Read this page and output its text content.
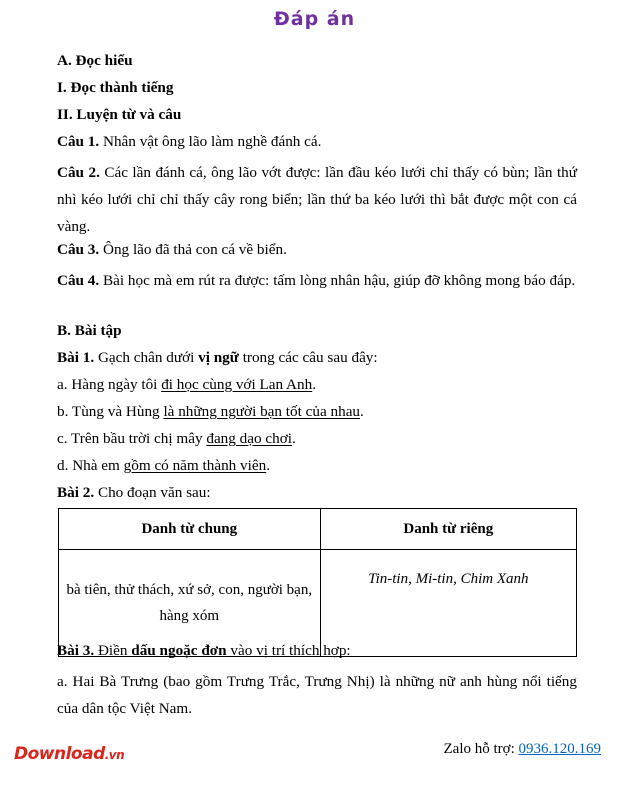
Đáp án
A. Đọc hiểu
I. Đọc thành tiếng
II. Luyện từ và câu
Câu 1. Nhân vật ông lão làm nghề đánh cá.
Câu 2. Các lần đánh cá, ông lão vớt được: lần đầu kéo lưới chỉ thấy có bùn; lần thứ nhì kéo lưới chỉ chỉ thấy cây rong biển; lần thứ ba kéo lưới thì bắt được một con cá vàng.
Câu 3. Ông lão đã thả con cá về biển.
Câu 4. Bài học mà em rút ra được: tấm lòng nhân hậu, giúp đỡ không mong báo đáp.
B. Bài tập
Bài 1. Gạch chân dưới vị ngữ trong các câu sau đây:
a. Hàng ngày tôi đi học cùng với Lan Anh.
b. Tùng và Hùng là những người bạn tốt của nhau.
c. Trên bầu trời chị mây đang dạo chơi.
d. Nhà em gồm có năm thành viên.
Bài 2. Cho đoạn văn sau:
Danh từ chung	Danh từ riêng
bà tiên, thử thách, xứ sở, con, người bạn, hàng xóm	Tin-tin, Mi-tin, Chim Xanh
Bài 3. Điền dấu ngoặc đơn vào vị trí thích hợp:
a. Hai Bà Trưng (bao gồm Trưng Trắc, Trưng Nhị) là những nữ anh hùng nổi tiếng của dân tộc Việt Nam.
Download.vn	Zalo hỗ trợ: 0936.120.169
